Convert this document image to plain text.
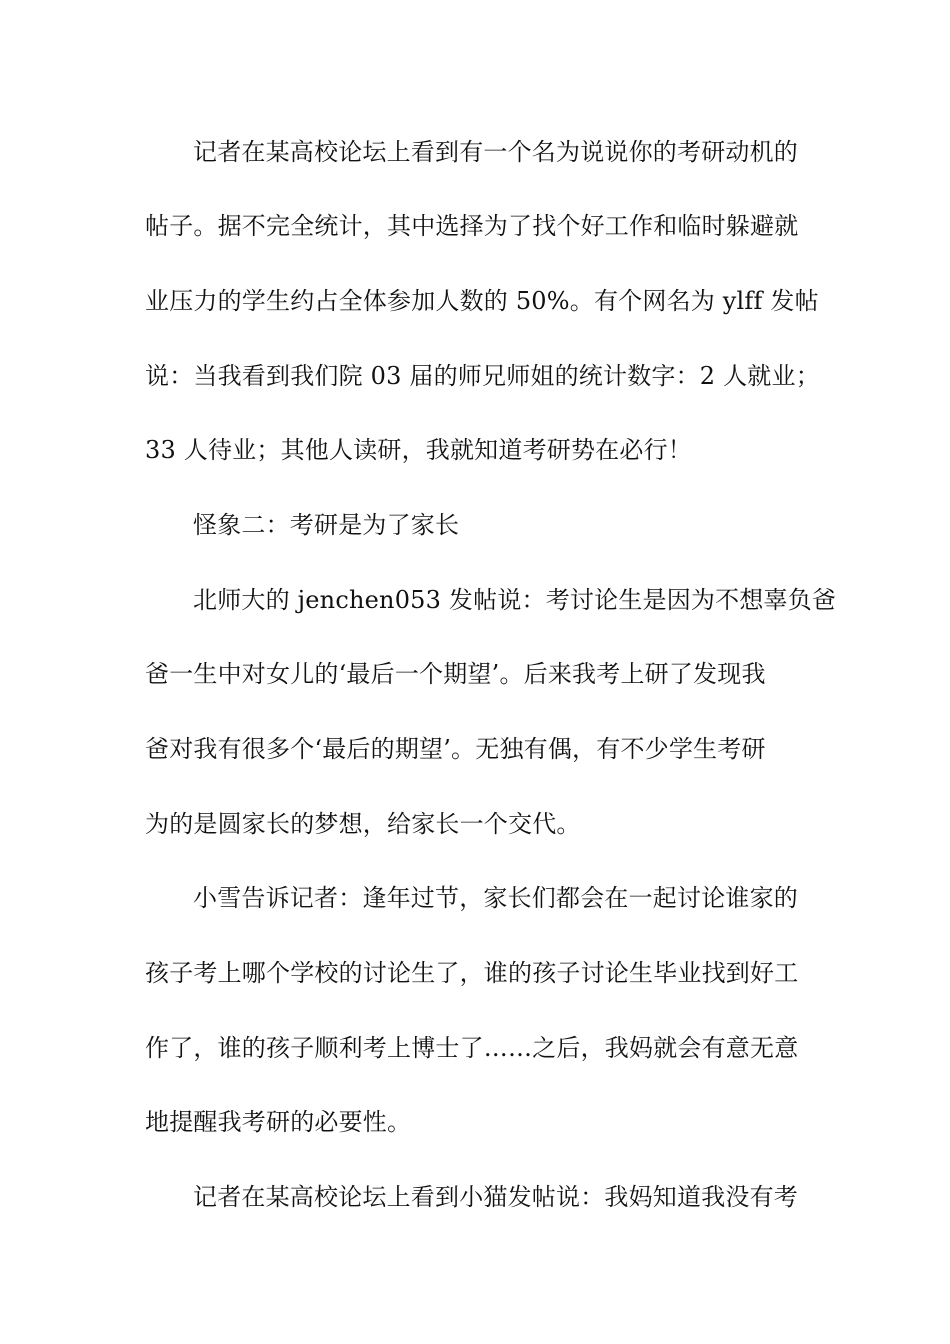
记者在某高校论坛上看到有一个名为说说你的考研动机的
帖子。据不完全统计，其中选择为了找个好工作和临时躲避就
业压力的学生约占全体参加人数的 50%。有个网名为 ylff 发帖
说：当我看到我们院 03 届的师兄师姐的统计数字：2 人就业；
33 人待业；其他人读研，我就知道考研势在必行！
怪象二：考研是为了家长
北师大的 jenchen053 发帖说：考讨论生是因为不想辜负爸
爸一生中对女儿的‘最后一个期望’。后来我考上研了发现我
爸对我有很多个‘最后的期望’。无独有偶，有不少学生考研
为的是圆家长的梦想，给家长一个交代。
小雪告诉记者：逢年过节，家长们都会在一起讨论谁家的
孩子考上哪个学校的讨论生了，谁的孩子讨论生毕业找到好工
作了，谁的孩子顺利考上博士了……之后，我妈就会有意无意
地提醒我考研的必要性。
记者在某高校论坛上看到小猫发帖说：我妈知道我没有考
